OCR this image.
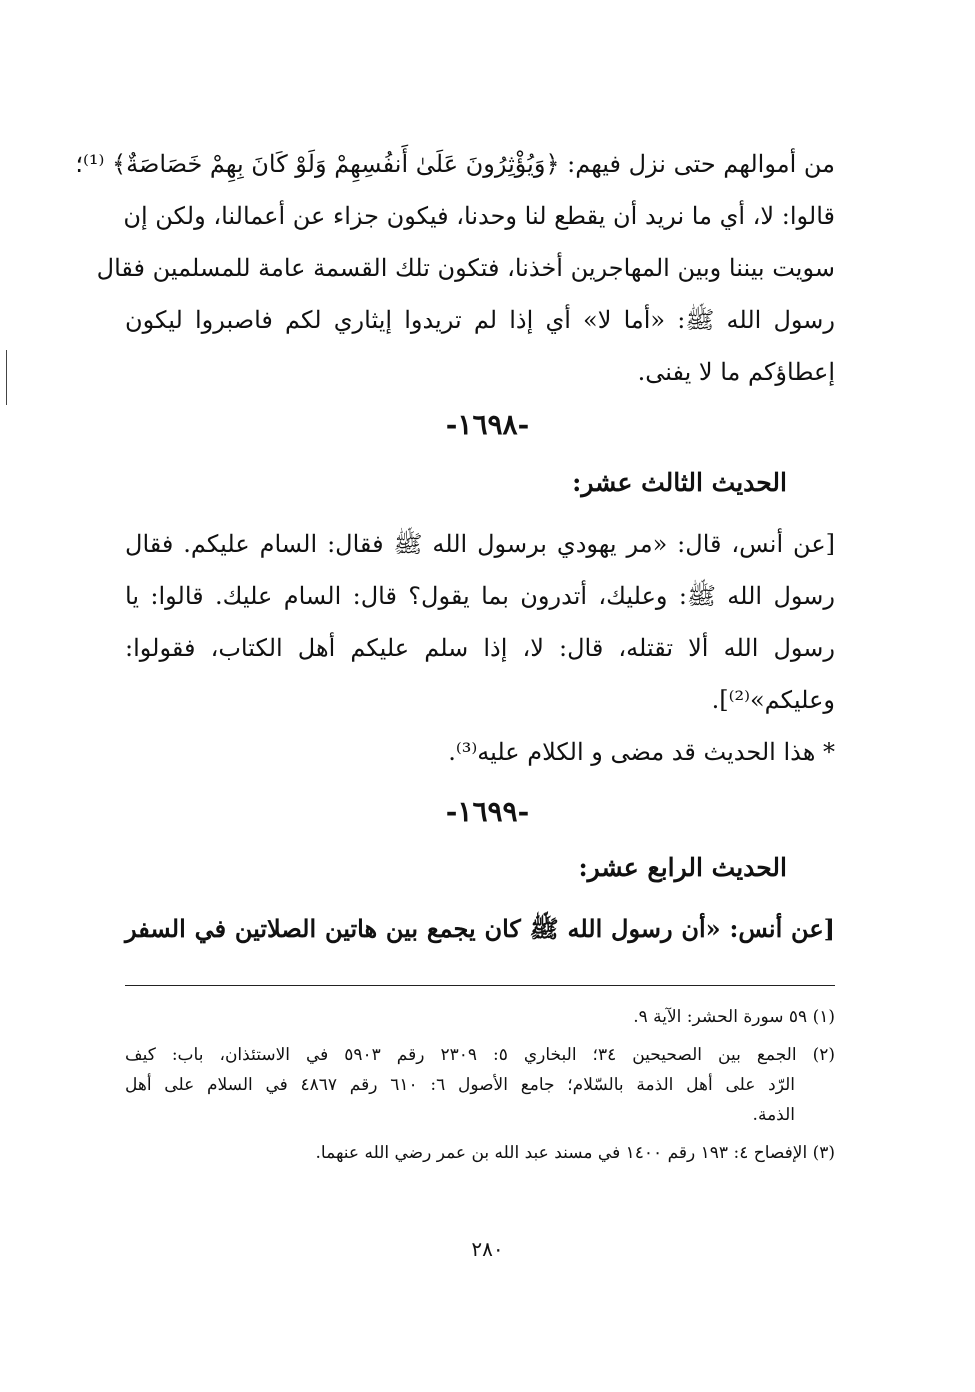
من أموالهم حتى نزل فيهم: ﴿وَيُؤْثِرُونَ عَلَىٰ أَنفُسِهِمْ وَلَوْ كَانَ بِهِمْ خَصَاصَةٌ﴾ ⁽¹⁾؛
قالوا: لا، أي ما نريد أن يقطع لنا وحدنا، فيكون جزاء عن أعمالنا، ولكن إن
سويت بيننا وبين المهاجرين أخذنا، فتكون تلك القسمة عامة للمسلمين فقال
رسول الله ﷺ: «أما لا» أي إذا لم تريدوا إيثاري لكم فاصبروا ليكون
إعطاؤكم ما لا يفنى.
-١٦٩٨-
الحديث الثالث عشر:
[عن أنس، قال: «مر يهودي برسول الله ﷺ فقال: السام عليكم. فقال
رسول الله ﷺ: وعليك، أتدرون بما يقول؟ قال: السام عليك. قالوا: يا
رسول الله ألا تقتله، قال: لا، إذا سلم عليكم أهل الكتاب، فقولوا:
وعليكم»⁽²⁾].
* هذا الحديث قد مضى و الكلام عليه⁽³⁾.
-١٦٩٩-
الحديث الرابع عشر:
[عن أنس: «أن رسول الله ﷺ كان يجمع بين هاتين الصلاتين في السفر
(١) ٥٩ سورة الحشر: الآية ٩.
(٢) الجمع بين الصحيحين ٣٤؛ البخاري ٥: ٢٣٠٩ رقم ٥٩٠٣ في الاستئذان، باب: كيف
الرّد على أهل الذمة بالسّلام؛ جامع الأصول ٦: ٦١٠ رقم ٤٨٦٧ في السلام على أهل
الذمة.
(٣) الإفصاح ٤: ١٩٣ رقم ١٤٠٠ في مسند عبد الله بن عمر رضي الله عنهما.
٢٨٠
